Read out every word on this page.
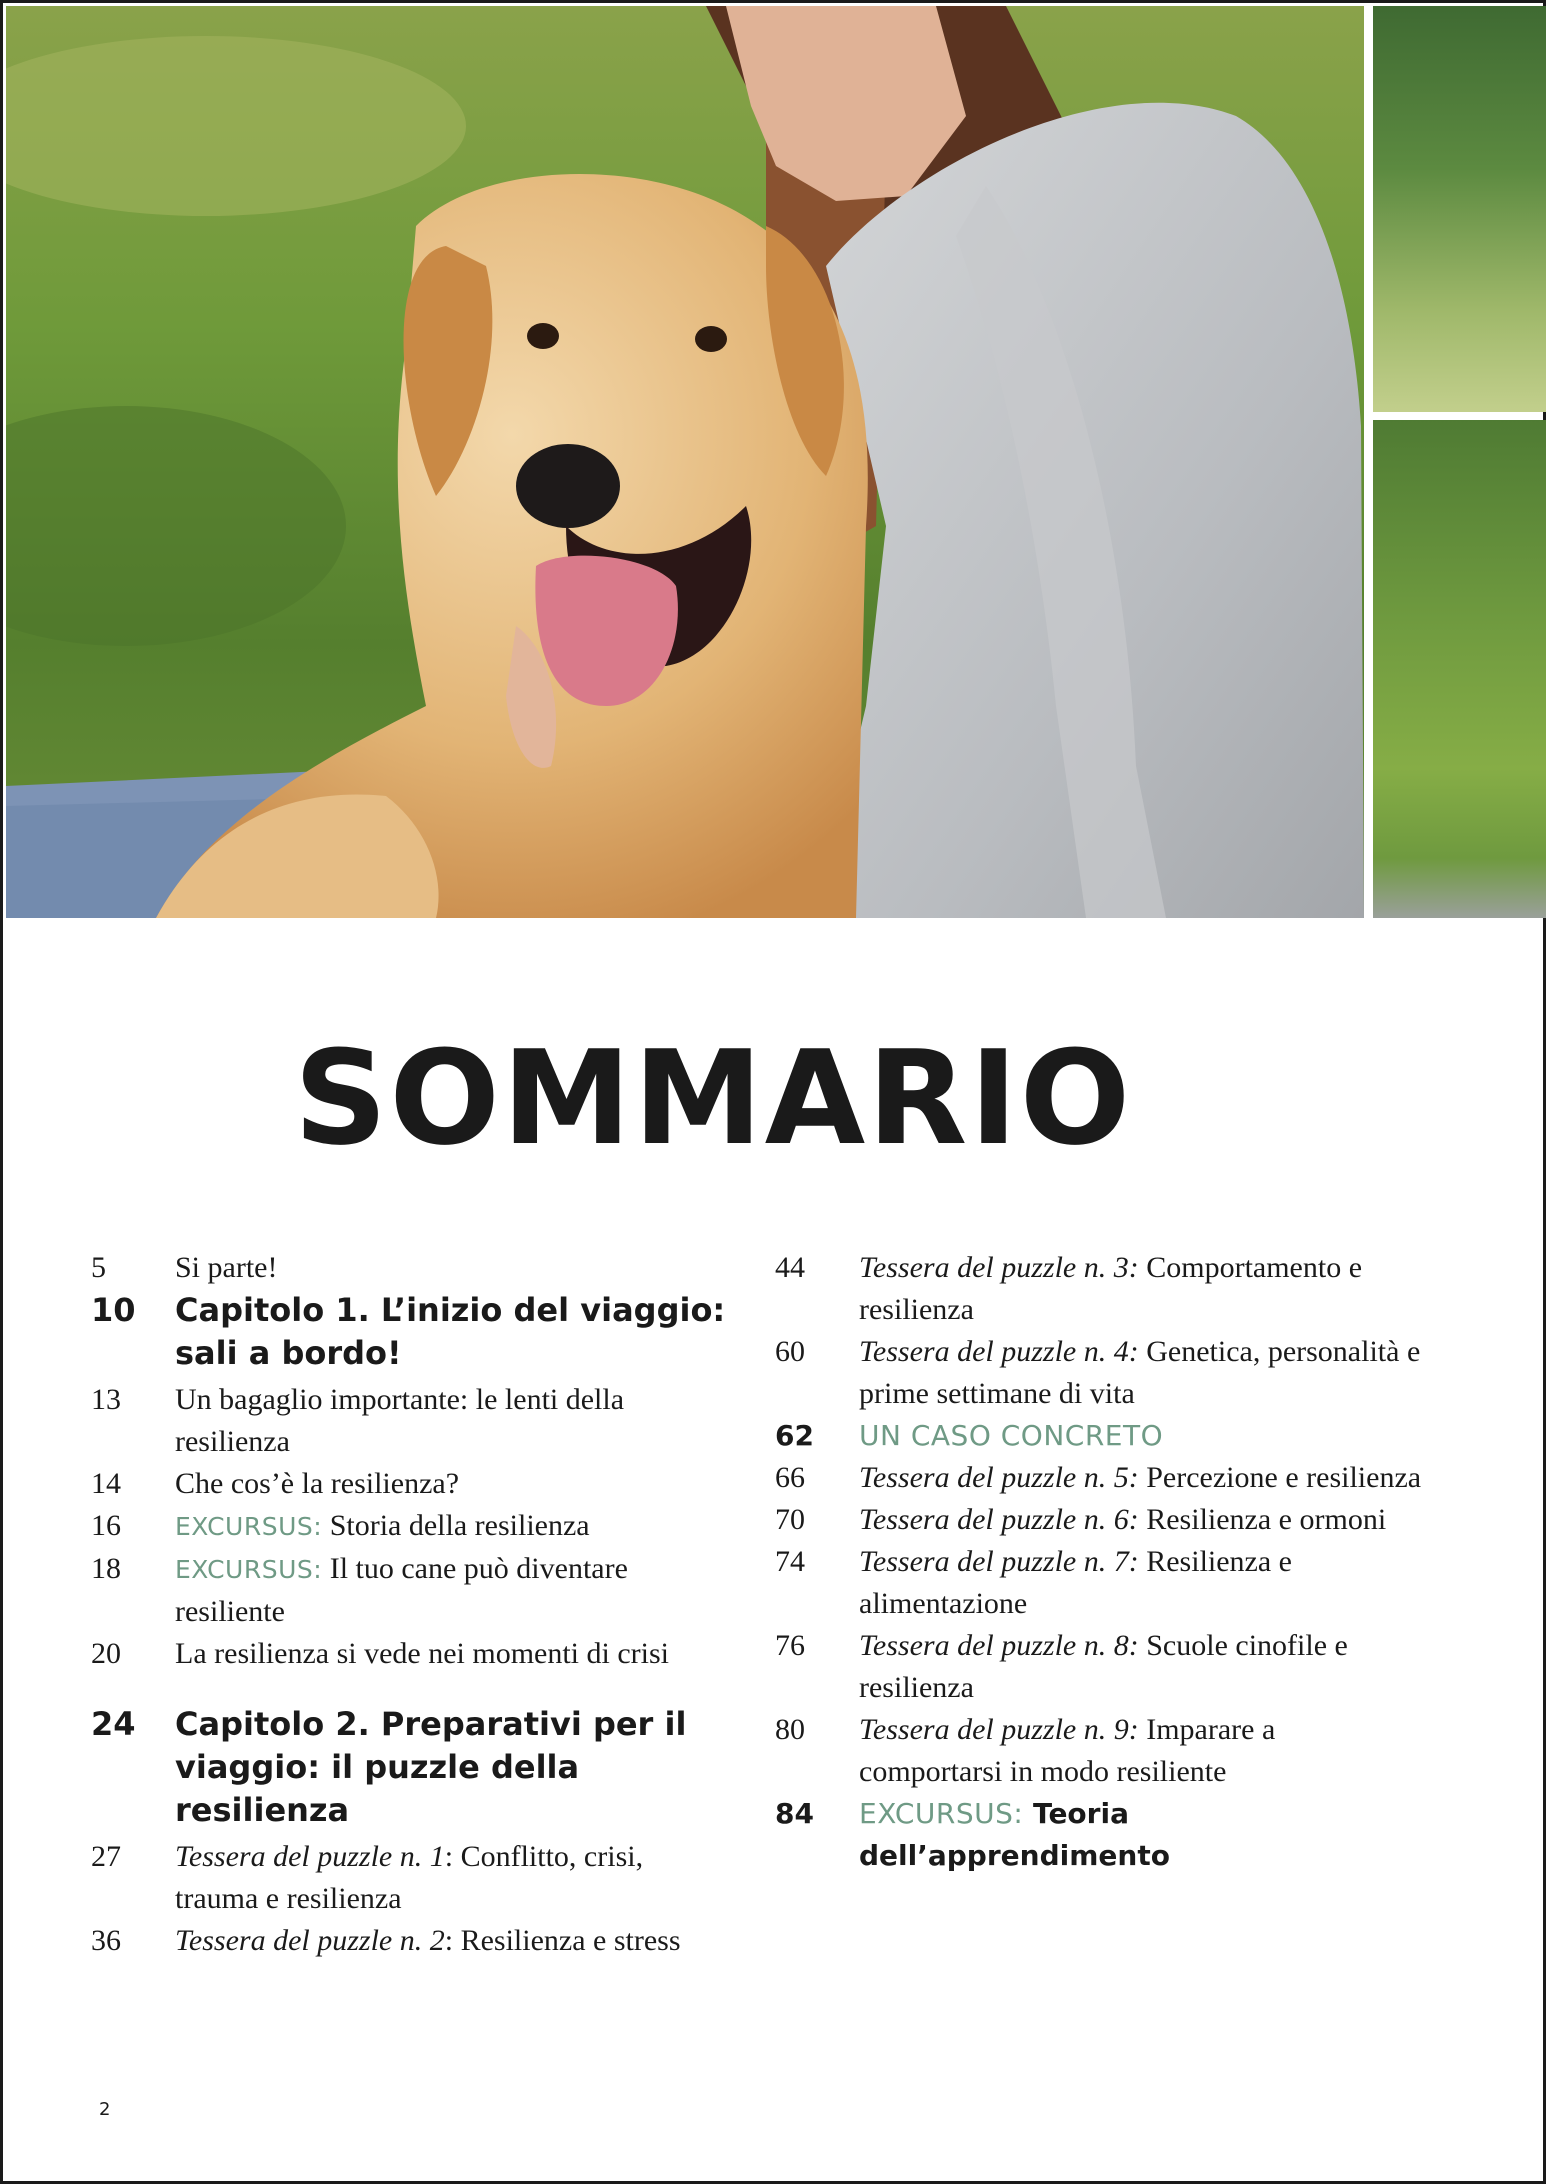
SOMMARIO

5	Si parte!

10	Capitolo 1. L’inizio del viaggio: sali a bordo!

13	Un bagaglio importante: le lenti della resilienza

14	Che cos’è la resilienza?

16	EXCURSUS: Storia della resilienza

18	EXCURSUS: Il tuo cane può diventare resiliente

20	La resilienza si vede nei momenti di crisi

24	Capitolo 2. Preparativi per il viaggio: il puzzle della resilienza

27	Tessera del puzzle n. 1: Conflitto, crisi, trauma e resilienza

36	Tessera del puzzle n. 2: Resilienza e stress

44	Tessera del puzzle n. 3: Comportamento e resilienza

60	Tessera del puzzle n. 4: Genetica, personalità e prime settimane di vita

62	UN CASO CONCRETO

66	Tessera del puzzle n. 5: Percezione e resilienza

70	Tessera del puzzle n. 6: Resilienza e ormoni

74	Tessera del puzzle n. 7: Resilienza e alimentazione

76	Tessera del puzzle n. 8: Scuole cinofile e resilienza

80	Tessera del puzzle n. 9: Imparare a comportarsi in modo resiliente

84	EXCURSUS: Teoria dell’apprendimento

2
